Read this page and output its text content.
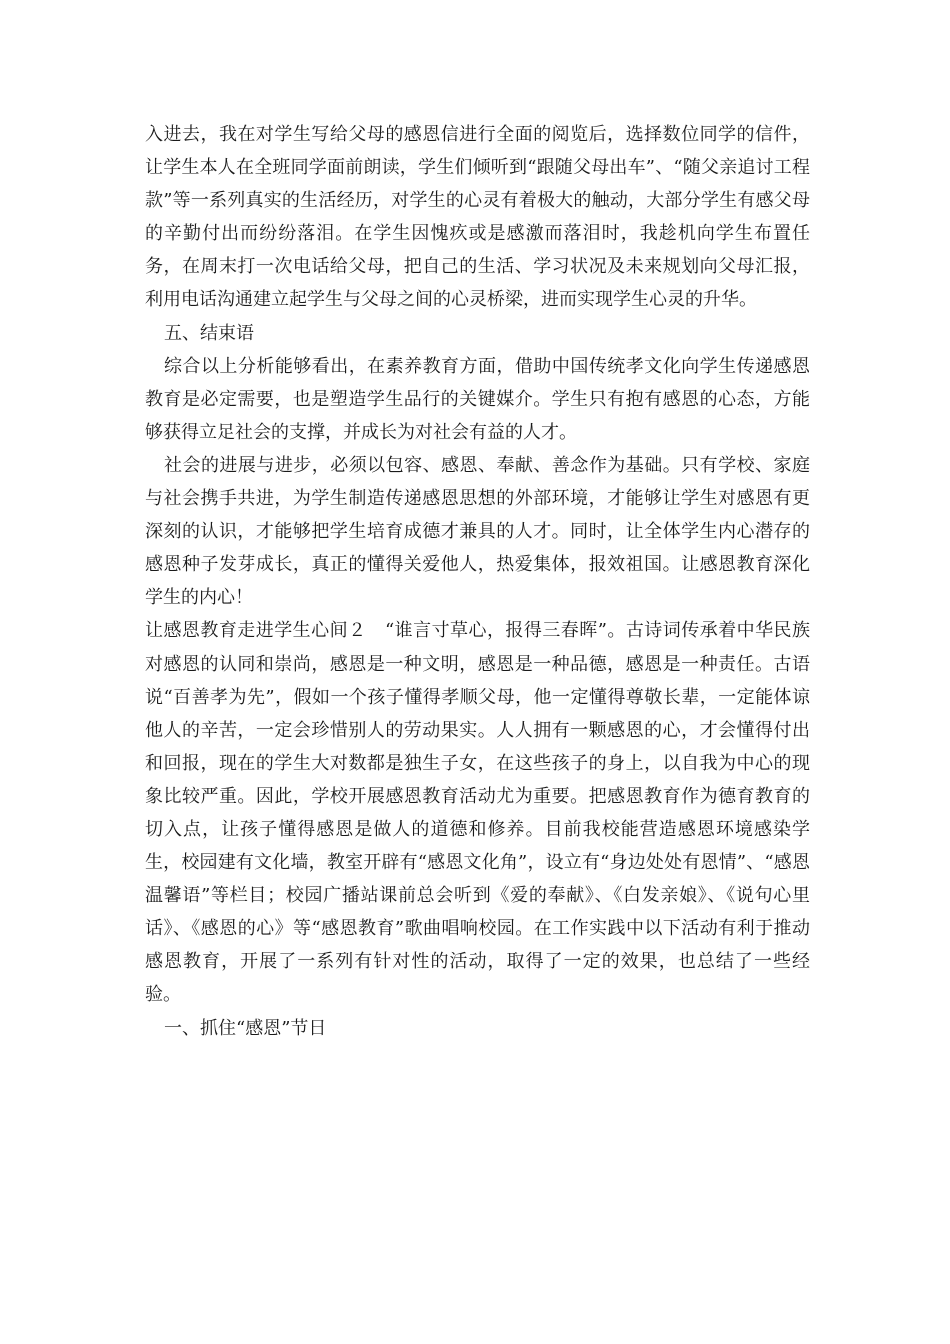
入进去，我在对学生写给父母的感恩信进行全面的阅览后，选择数位同学的信件，让学生本人在全班同学面前朗读，学生们倾听到“跟随父母出车”、“随父亲追讨工程款”等一系列真实的生活经历，对学生的心灵有着极大的触动，大部分学生有感父母的辛勤付出而纷纷落泪。在学生因愧疚或是感激而落泪时，我趁机向学生布置任务，在周末打一次电话给父母，把自己的生活、学习状况及未来规划向父母汇报，利用电话沟通建立起学生与父母之间的心灵桥梁，进而实现学生心灵的升华。

五、结束语

综合以上分析能够看出，在素养教育方面，借助中国传统孝文化向学生传递感恩教育是必定需要，也是塑造学生品行的关键媒介。学生只有抱有感恩的心态，方能够获得立足社会的支撑，并成长为对社会有益的人才。

社会的进展与进步，必须以包容、感恩、奉献、善念作为基础。只有学校、家庭与社会携手共进，为学生制造传递感恩思想的外部环境，才能够让学生对感恩有更深刻的认识，才能够把学生培育成德才兼具的人才。同时，让全体学生内心潜存的感恩种子发芽成长，真正的懂得关爱他人，热爱集体，报效祖国。让感恩教育深化学生的内心！

让感恩教育走进学生心间２　“谁言寸草心，报得三春晖”。古诗词传承着中华民族对感恩的认同和崇尚，感恩是一种文明，感恩是一种品德，感恩是一种责任。古语说“百善孝为先”，假如一个孩子懂得孝顺父母，他一定懂得尊敬长辈，一定能体谅他人的辛苦，一定会珍惜别人的劳动果实。人人拥有一颗感恩的心，才会懂得付出和回报，现在的学生大对数都是独生子女，在这些孩子的身上，以自我为中心的现象比较严重。因此，学校开展感恩教育活动尤为重要。把感恩教育作为德育教育的切入点，让孩子懂得感恩是做人的道德和修养。目前我校能营造感恩环境感染学生，校园建有文化墙，教室开辟有“感恩文化角”，设立有“身边处处有恩情”、“感恩温馨语”等栏目；校园广播站课前总会听到《爱的奉献》、《白发亲娘》、《说句心里话》、《感恩的心》等“感恩教育”歌曲唱响校园。在工作实践中以下活动有利于推动感恩教育，开展了一系列有针对性的活动，取得了一定的效果，也总结了一些经验。

一、抓住“感恩”节日
